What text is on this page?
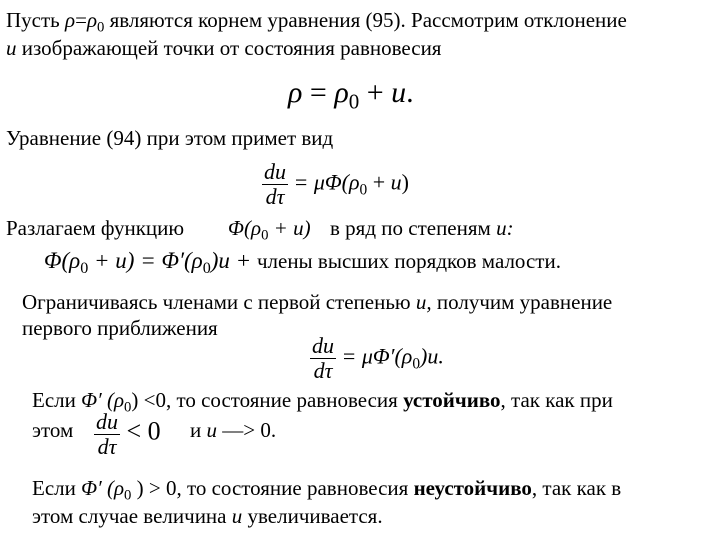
Пусть $\rho=\rho_0$ являются корнем уравнения (95). Рассмотрим отклонение
u изображающей точки от состояния равновесия
$\rho = \rho_0 + u$.
Уравнение (94) при этом примет вид
$\frac{du}{d\tau} = \mu\Phi(\rho_0 + u)$
Разлагаем функцию $\Phi(\rho_0 + u)$ в ряд по степеням u:
$\Phi(\rho_0 + u) = \Phi'(\rho_0)u$ + члены высших порядков малости.
Ограничиваясь членами с первой степенью u, получим уравнение
первого приближения
$\frac{du}{d\tau} = \mu\Phi'(\rho_0)u$.
Если Φ′ $(\rho_0) <0$, то состояние равновесия устойчиво, так как при
этом $\frac{du}{d\tau} < 0$ и u —> 0.
Если Φ′ ($\rho_0$ ) > 0, то состояние равновесия неустойчиво, так как в
этом случае величина u увеличивается.
